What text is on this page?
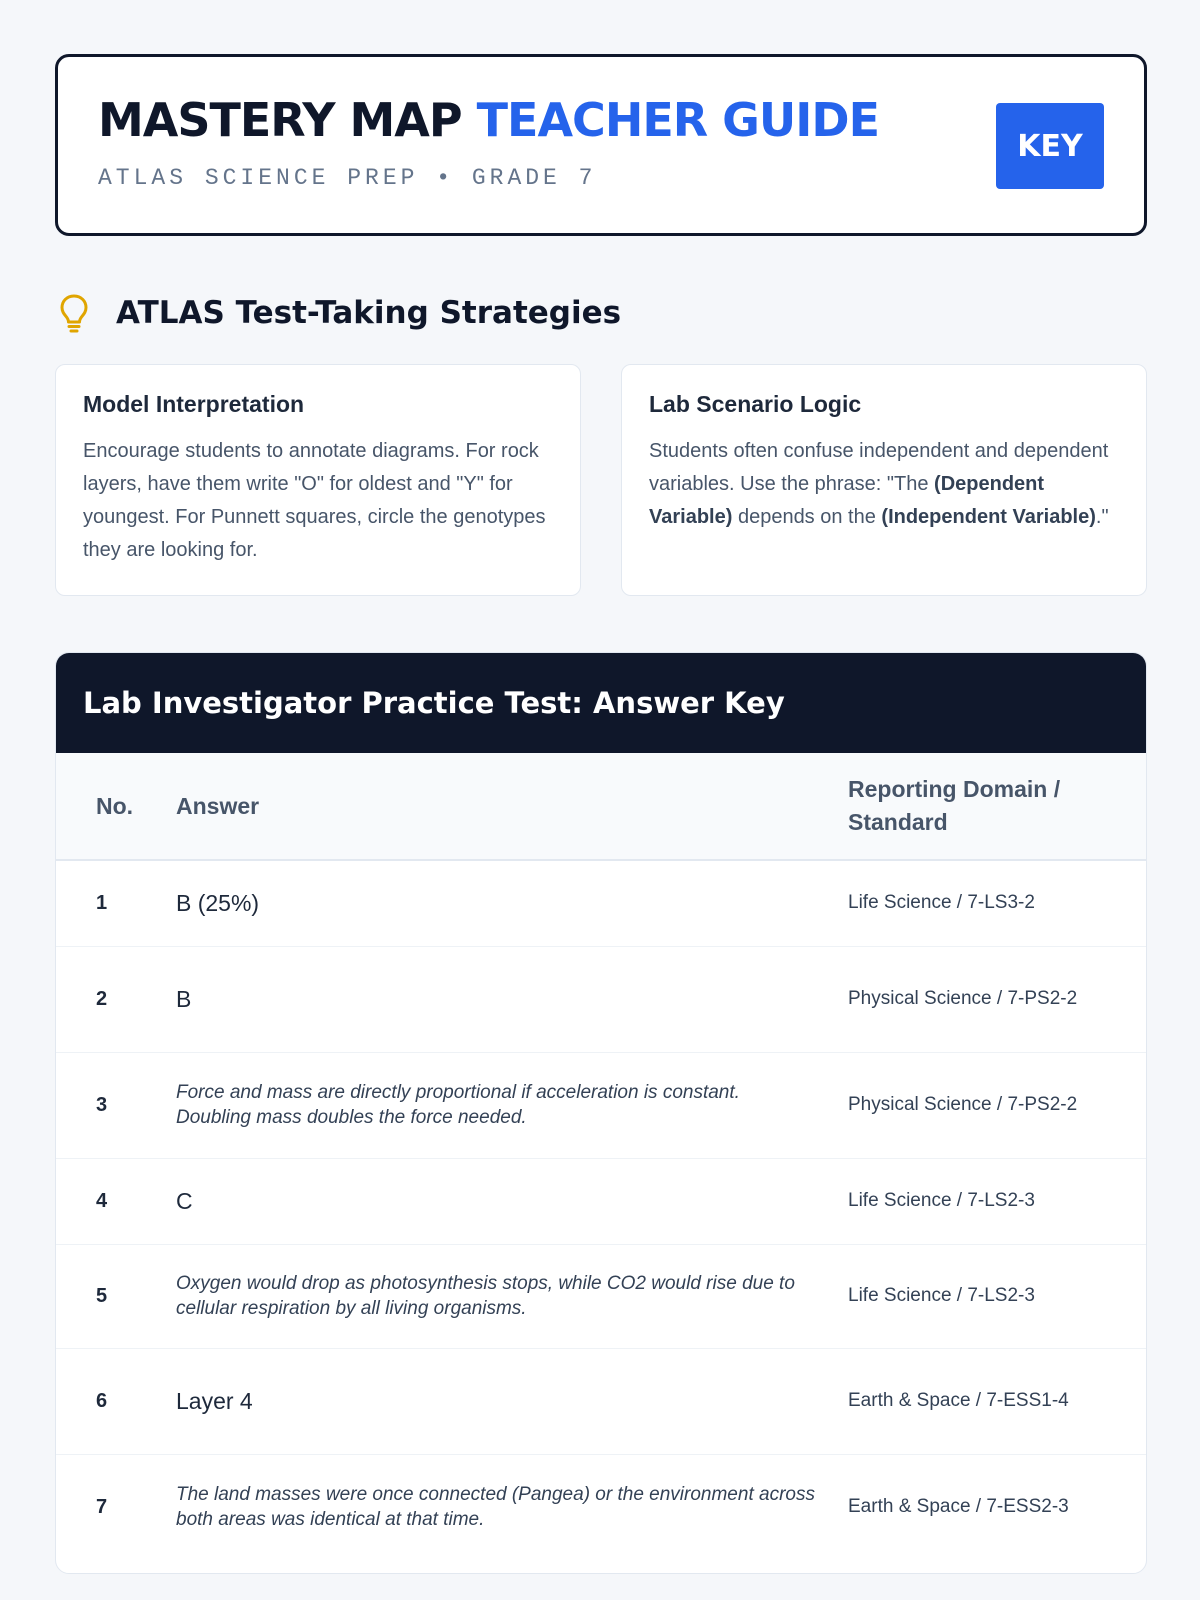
MASTERY MAP TEACHER GUIDE
ATLAS SCIENCE PREP • GRADE 7
KEY
ATLAS Test-Taking Strategies
Model Interpretation
Encourage students to annotate diagrams. For rock layers, have them write "O" for oldest and "Y" for youngest. For Punnett squares, circle the genotypes they are looking for.
Lab Scenario Logic
Students often confuse independent and dependent variables. Use the phrase: "The (Dependent Variable) depends on the (Independent Variable)."
Lab Investigator Practice Test: Answer Key
No.	Answer	Reporting Domain / Standard
1	B (25%)	Life Science / 7-LS3-2
2	B	Physical Science / 7-PS2-2
3	Force and mass are directly proportional if acceleration is constant. Doubling mass doubles the force needed.	Physical Science / 7-PS2-2
4	C	Life Science / 7-LS2-3
5	Oxygen would drop as photosynthesis stops, while CO2 would rise due to cellular respiration by all living organisms.	Life Science / 7-LS2-3
6	Layer 4	Earth & Space / 7-ESS1-4
7	The land masses were once connected (Pangea) or the environment across both areas was identical at that time.	Earth & Space / 7-ESS2-3
